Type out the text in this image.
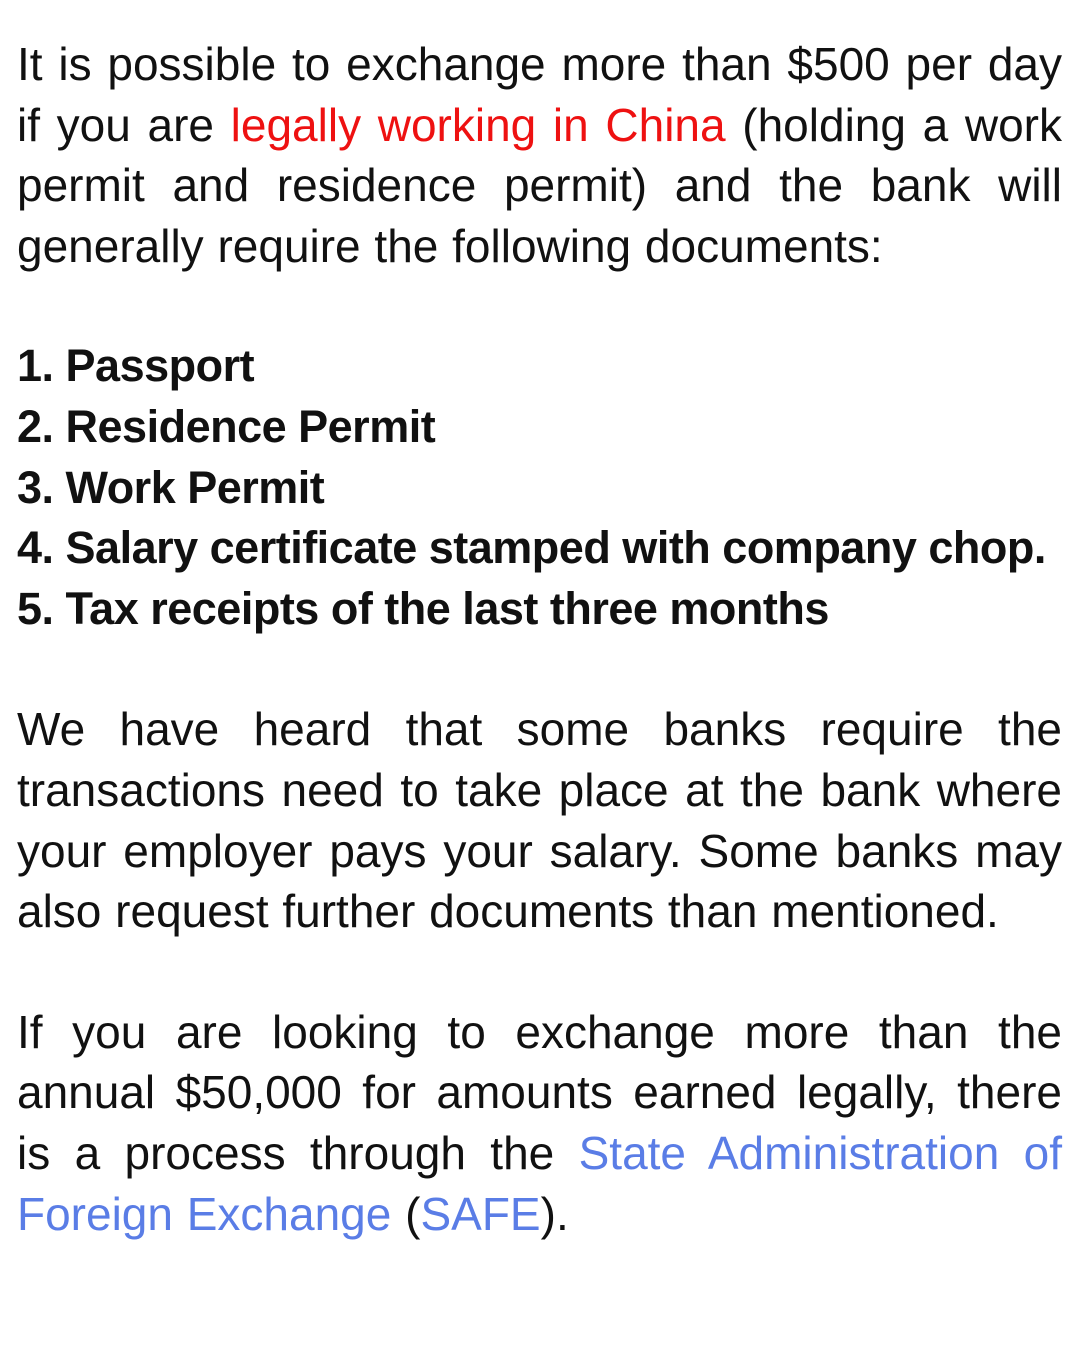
It is possible to exchange more than $500 per day if you are legally working in China (holding a work permit and residence permit) and the bank will generally require the following documents:

1. Passport
2. Residence Permit
3. Work Permit
4. Salary certificate stamped with company chop.
5. Tax receipts of the last three months

We have heard that some banks require the transactions need to take place at the bank where your employer pays your salary. Some banks may also request further documents than mentioned.

If you are looking to exchange more than the annual $50,000 for amounts earned legally, there is a process through the State Administration of Foreign Exchange (SAFE).
